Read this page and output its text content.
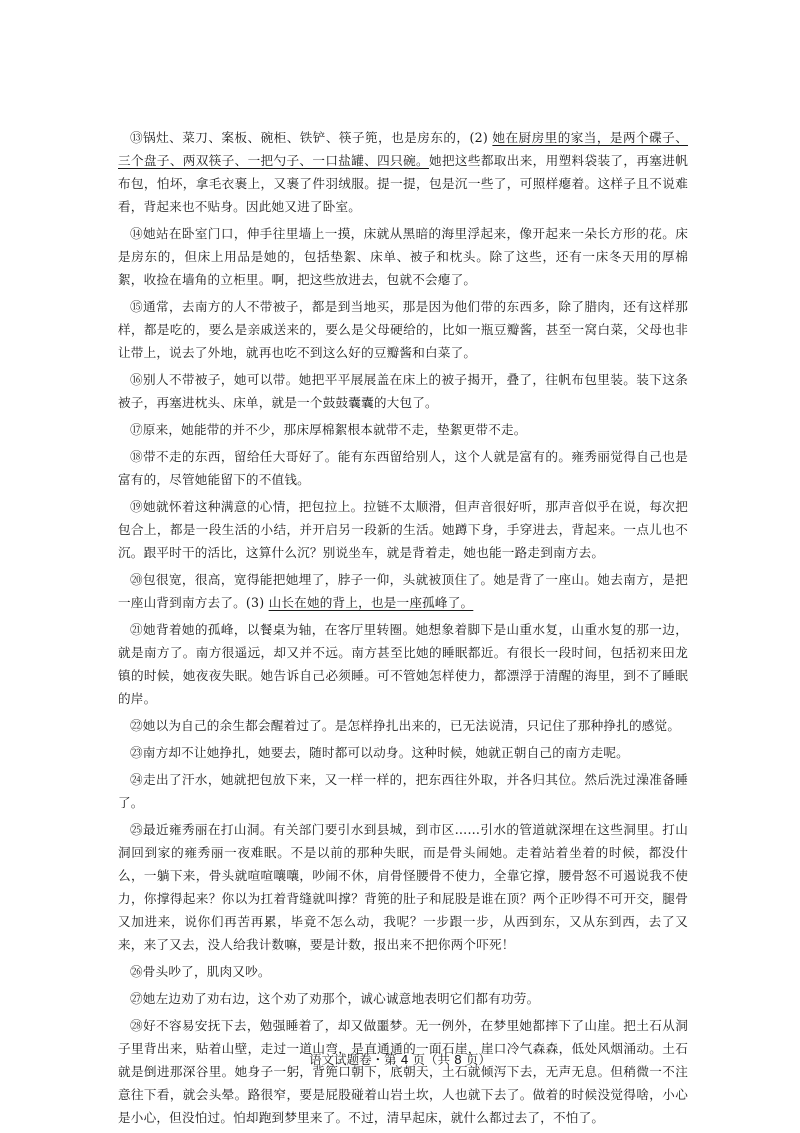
⑬锅灶、菜刀、案板、碗柜、铁铲、筷子篼，也是房东的，(2) 她在厨房里的家当，是两个碟子、三个盘子、两双筷子、一把勺子、一口盐罐、四只碗。她把这些都取出来，用塑料袋装了，再塞进帆布包，怕坏，拿毛衣裹上，又裹了件羽绒服。提一提，包是沉一些了，可照样瘪着。这样子且不说难看，背起来也不贴身。因此她又进了卧室。

⑭她站在卧室门口，伸手往里墙上一摸，床就从黑暗的海里浮起来，像开起来一朵长方形的花。床是房东的，但床上用品是她的，包括垫絮、床单、被子和枕头。除了这些，还有一床冬天用的厚棉絮，收捡在墙角的立柜里。啊，把这些放进去，包就不会瘪了。

⑮通常，去南方的人不带被子，都是到当地买，那是因为他们带的东西多，除了腊肉，还有这样那样，都是吃的，要么是亲戚送来的，要么是父母硬给的，比如一瓶豆瓣酱，甚至一窝白菜，父母也非让带上，说去了外地，就再也吃不到这么好的豆瓣酱和白菜了。

⑯别人不带被子，她可以带。她把平平展展盖在床上的被子揭开，叠了，往帆布包里装。装下这条被子，再塞进枕头、床单，就是一个鼓鼓囊囊的大包了。

⑰原来，她能带的并不少，那床厚棉絮根本就带不走，垫絮更带不走。

⑱带不走的东西，留给任大哥好了。能有东西留给别人，这个人就是富有的。雍秀丽觉得自己也是富有的，尽管她能留下的不值钱。

⑲她就怀着这种满意的心情，把包拉上。拉链不太顺滑，但声音很好听，那声音似乎在说，每次把包合上，都是一段生活的小结，并开启另一段新的生活。她蹲下身，手穿进去，背起来。一点儿也不沉。跟平时干的活比，这算什么沉？别说坐车，就是背着走，她也能一路走到南方去。

⑳包很宽，很高，宽得能把她埋了，脖子一仰，头就被顶住了。她是背了一座山。她去南方，是把一座山背到南方去了。(3) 山长在她的背上，也是一座孤峰了。

㉑她背着她的孤峰，以餐桌为轴，在客厅里转圈。她想象着脚下是山重水复，山重水复的那一边，就是南方了。南方很遥远，却又并不远。南方甚至比她的睡眠都近。有很长一段时间，包括初来田龙镇的时候，她夜夜失眠。她告诉自己必须睡。可不管她怎样使力，都漂浮于清醒的海里，到不了睡眠的岸。

㉒她以为自己的余生都会醒着过了。是怎样挣扎出来的，已无法说清，只记住了那种挣扎的感觉。

㉓南方却不让她挣扎，她要去，随时都可以动身。这种时候，她就正朝自己的南方走呢。

㉔走出了汗水，她就把包放下来，又一样一样的，把东西往外取，并各归其位。然后洗过澡准备睡了。

㉕最近雍秀丽在打山洞。有关部门要引水到县城，到市区……引水的管道就深埋在这些洞里。打山洞回到家的雍秀丽一夜难眠。不是以前的那种失眠，而是骨头闹她。走着站着坐着的时候，都没什么，一躺下来，骨头就喧喧嚷嚷，吵闹不休，肩骨怪腰骨不使力，全靠它撑，腰骨怒不可遏说我不使力，你撑得起来？你以为扛着背缝就叫撑？背篼的肚子和屁股是谁在顶？两个正吵得不可开交，腿骨又加进来，说你们再苦再累，毕竟不怎么动，我呢？一步跟一步，从西到东，又从东到西，去了又来，来了又去，没人给我计数嘛，要是计数，报出来不把你两个吓死！

㉖骨头吵了，肌肉又吵。

㉗她左边劝了劝右边，这个劝了劝那个，诚心诚意地表明它们都有功劳。

㉘好不容易安抚下去，勉强睡着了，却又做噩梦。无一例外，在梦里她都摔下了山崖。把土石从洞子里背出来，贴着山壁，走过一道山弯，是直通通的一面石崖，崖口冷气森森，低处风烟涌动。土石就是倒进那深谷里。她身子一躬，背篼口朝下，底朝天，土石就倾泻下去，无声无息。但稍微一不注意往下看，就会头晕。路很窄，要是屁股碰着山岩土坎，人也就下去了。做着的时候没觉得啥，小心是小心，但没怕过。怕却跑到梦里来了。不过，清早起床，就什么都过去了，不怕了。

语文试题卷・第 4 页（共 8 页）
